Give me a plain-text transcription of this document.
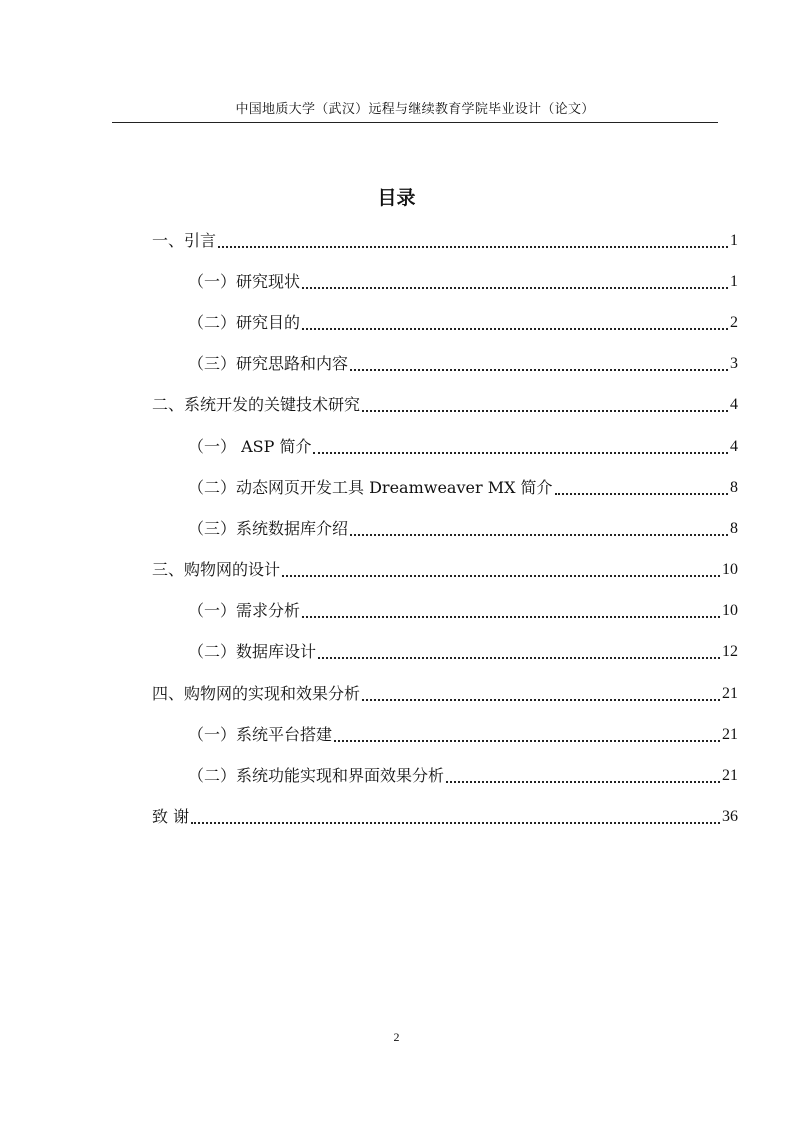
中国地质大学（武汉）远程与继续教育学院毕业设计（论文）
目录
一、引言	1
（一）研究现状	1
（二）研究目的	2
（三）研究思路和内容	3
二、系统开发的关键技术研究	4
（一） ASP 简介	4
（二）动态网页开发工具 Dreamweaver MX 简介	8
（三）系统数据库介绍	8
三、购物网的设计	10
（一）需求分析	10
（二）数据库设计	12
四、购物网的实现和效果分析	21
（一）系统平台搭建	21
（二）系统功能实现和界面效果分析	21
致 谢	36
2
